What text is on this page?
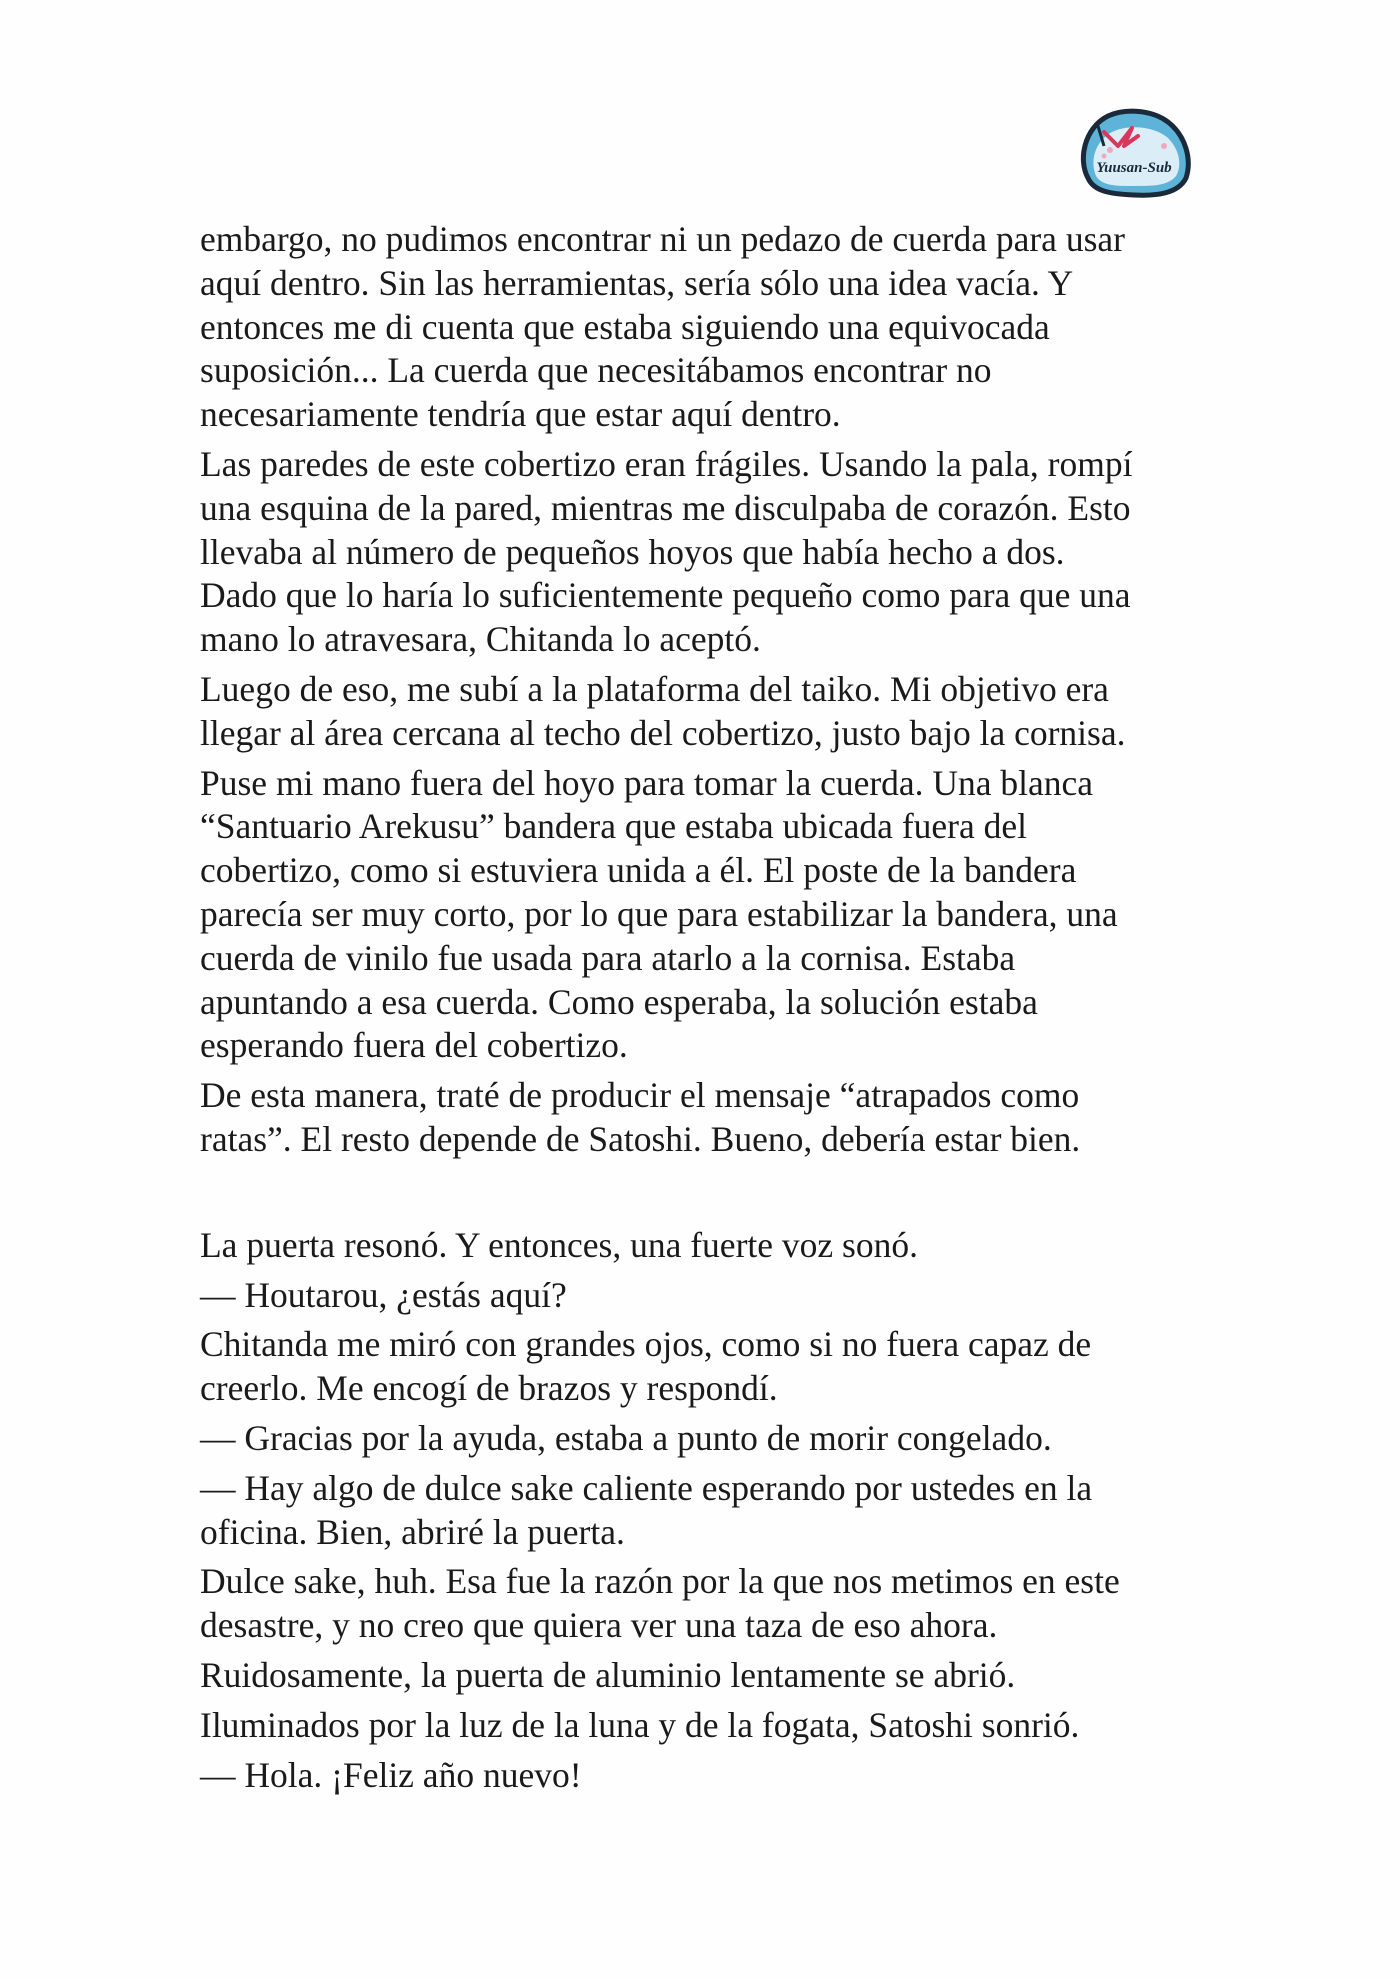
Yuusan-Sub

embargo, no pudimos encontrar ni un pedazo de cuerda para usar
aquí dentro. Sin las herramientas, sería sólo una idea vacía. Y
entonces me di cuenta que estaba siguiendo una equivocada
suposición... La cuerda que necesitábamos encontrar no
necesariamente tendría que estar aquí dentro.

Las paredes de este cobertizo eran frágiles. Usando la pala, rompí
una esquina de la pared, mientras me disculpaba de corazón. Esto
llevaba al número de pequeños hoyos que había hecho a dos.
Dado que lo haría lo suficientemente pequeño como para que una
mano lo atravesara, Chitanda lo aceptó.

Luego de eso, me subí a la plataforma del taiko. Mi objetivo era
llegar al área cercana al techo del cobertizo, justo bajo la cornisa.

Puse mi mano fuera del hoyo para tomar la cuerda. Una blanca
“Santuario Arekusu” bandera que estaba ubicada fuera del
cobertizo, como si estuviera unida a él. El poste de la bandera
parecía ser muy corto, por lo que para estabilizar la bandera, una
cuerda de vinilo fue usada para atarlo a la cornisa. Estaba
apuntando a esa cuerda. Como esperaba, la solución estaba
esperando fuera del cobertizo.

De esta manera, traté de producir el mensaje “atrapados como
ratas”. El resto depende de Satoshi. Bueno, debería estar bien.

La puerta resonó. Y entonces, una fuerte voz sonó.

— Houtarou, ¿estás aquí?

Chitanda me miró con grandes ojos, como si no fuera capaz de
creerlo. Me encogí de brazos y respondí.

— Gracias por la ayuda, estaba a punto de morir congelado.

— Hay algo de dulce sake caliente esperando por ustedes en la
oficina. Bien, abriré la puerta.

Dulce sake, huh. Esa fue la razón por la que nos metimos en este
desastre, y no creo que quiera ver una taza de eso ahora.

Ruidosamente, la puerta de aluminio lentamente se abrió.

Iluminados por la luz de la luna y de la fogata, Satoshi sonrió.

— Hola. ¡Feliz año nuevo!
